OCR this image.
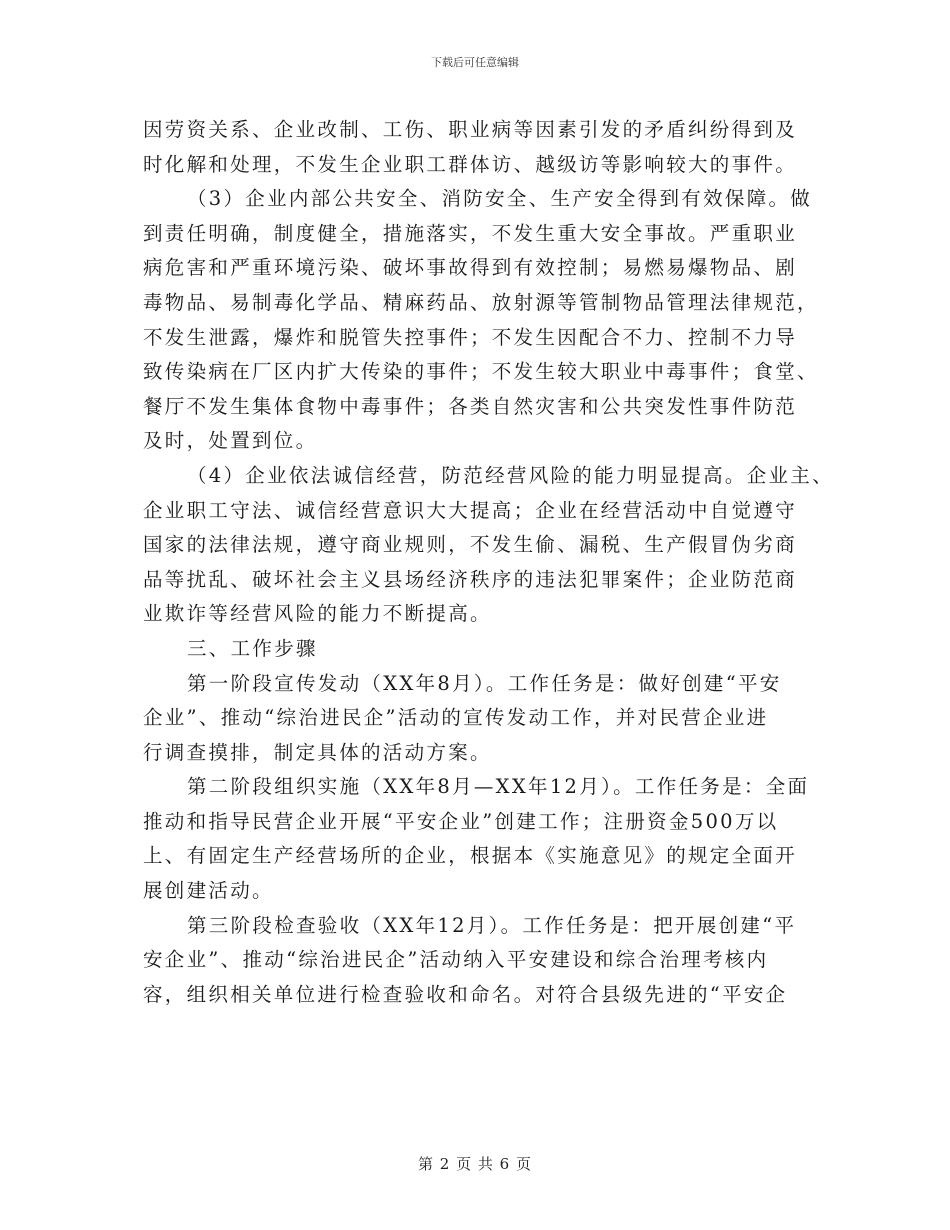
下载后可任意编辑
因劳资关系、企业改制、工伤、职业病等因素引发的矛盾纠纷得到及
时化解和处理，不发生企业职工群体访、越级访等影响较大的事件。
（3）企业内部公共安全、消防安全、生产安全得到有效保障。做
到责任明确，制度健全，措施落实，不发生重大安全事故。严重职业
病危害和严重环境污染、破坏事故得到有效控制；易燃易爆物品、剧
毒物品、易制毒化学品、精麻药品、放射源等管制物品管理法律规范，
不发生泄露，爆炸和脱管失控事件；不发生因配合不力、控制不力导
致传染病在厂区内扩大传染的事件；不发生较大职业中毒事件；食堂、
餐厅不发生集体食物中毒事件；各类自然灾害和公共突发性事件防范
及时，处置到位。
（4）企业依法诚信经营，防范经营风险的能力明显提高。企业主、
企业职工守法、诚信经营意识大大提高；企业在经营活动中自觉遵守
国家的法律法规，遵守商业规则，不发生偷、漏税、生产假冒伪劣商
品等扰乱、破坏社会主义县场经济秩序的违法犯罪案件；企业防范商
业欺诈等经营风险的能力不断提高。
三、工作步骤
第一阶段宣传发动（XX年8月）。工作任务是：做好创建“平安
企业”、推动“综治进民企”活动的宣传发动工作，并对民营企业进
行调查摸排，制定具体的活动方案。
第二阶段组织实施（XX年8月—XX年12月）。工作任务是：全面
推动和指导民营企业开展“平安企业”创建工作；注册资金500万以
上、有固定生产经营场所的企业，根据本《实施意见》的规定全面开
展创建活动。
第三阶段检查验收（XX年12月）。工作任务是：把开展创建“平
安企业”、推动“综治进民企”活动纳入平安建设和综合治理考核内
容，组织相关单位进行检查验收和命名。对符合县级先进的“平安企
第 2 页 共 6 页
